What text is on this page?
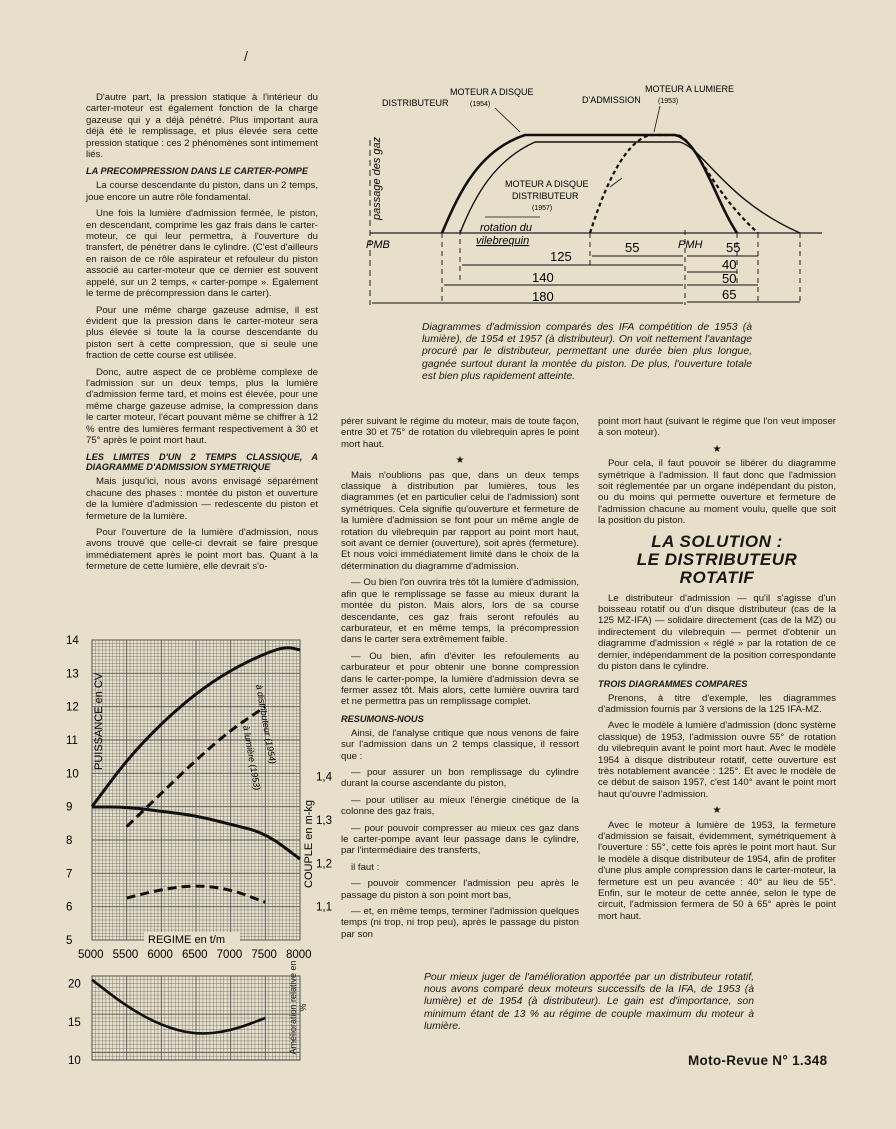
/

D'autre part, la pression statique à l'intérieur du carter-moteur est également fonction de la charge gazeuse qui y a déjà pénétré. Plus important aura déjà été le remplissage, et plus élevée sera cette pression statique : ces 2 phénomènes sont intimement liés.

LA PRECOMPRESSION DANS LE CARTER-POMPE

La course descendante du piston, dans un 2 temps, joue encore un autre rôle fondamental.

Une fois la lumière d'admission fermée, le piston, en descendant, comprime les gaz frais dans le carter-moteur, ce qui leur permettra, à l'ouverture du transfert, de pénétrer dans le cylindre. (C'est d'ailleurs en raison de ce rôle aspirateur et refouleur du piston associé au carter-moteur que ce dernier est souvent appelé, sur un 2 temps, « carter-pompe ». Egalement le terme de précompression dans le carter).

Pour une même charge gazeuse admise, il est évident que la pression dans le carter-moteur sera plus élevée si toute la la course descendante du piston sert à cette compression, que si seule une fraction de cette course est utilisée.

Donc, autre aspect de ce problème complexe de l'admission sur un deux temps, plus la lumière d'admission ferme tard, et moins est élevée, pour une même charge gazeuse admise, la compression dans le carter moteur, l'écart pouvant même se chiffrer à 12 % entre des lumières fermant respectivement à 30 et 75° après le point mort haut.

LES LIMITES D'UN 2 TEMPS CLASSIQUE, A DIAGRAMME D'ADMISSION SYMETRIQUE

Mais jusqu'ici, nous avons envisagé séparément chacune des phases : montée du piston et ouverture de la lumière d'admission — redescente du piston et fermeture de la lumière.

Pour l'ouverture de la lumière d'admission, nous avons trouvé que celle-ci devrait se faire presque immédiatement après le point mort bas. Quant à la fermeture de cette lumière, elle devrait s'o-

MOTEUR A DISQUE
DISTRIBUTEUR	(1954)
MOTEUR A LUMIERE
D'ADMISSION (1953)
MOTEUR A DISQUE
DISTRIBUTEUR
(1957)
passage des gaz
rotation du
vilebrequin
PMB	PMH
125
55	55
40
140	50
180	65
Diagrammes d'admission comparés des IFA compétition de 1953 (à lumière), de 1954 et 1957 (à distributeur). On voit nettement l'avantage procuré par le distributeur, permettant une durée bien plus longue, gagnée surtout durant la montée du piston. De plus, l'ouverture totale est bien plus rapidement atteinte.

pérer suivant le régime du moteur, mais de toute façon, entre 30 et 75° de rotation du vilebrequin après le point mort haut.

★

Mais n'oublions pas que, dans un deux temps classique à distribution par lumières, tous les diagrammes (et en particulier celui de l'admission) sont symétriques. Cela signifie qu'ouverture et fermeture de la lumière d'admission se font pour un même angle de rotation du vilebrequin par rapport au point mort haut, soit avant ce dernier (ouverture), soit après (fermeture). Et nous voici immédiatement limité dans le choix de la détermination du diagramme d'admission.

— Ou bien l'on ouvrira très tôt la lumière d'admission, afin que le remplissage se fasse au mieux durant la montée du piston. Mais alors, lors de sa course descendante, ces gaz frais seront refoulés au carburateur, et en même temps, la précompression dans le carter sera extrêmement faible.

— Ou bien, afin d'éviter les refoulements au carburateur et pour obtenir une bonne compression dans le carter-pompe, la lumière d'admission devra se fermer assez tôt. Mais alors, cette lumière ouvrira tard et ne permettra pas un remplissage complet.

RESUMONS-NOUS

Ainsi, de l'analyse critique que nous venons de faire sur l'admission dans un 2 temps classique, il ressort que :

— pour assurer un bon remplissage du cylindre durant la course ascendante du piston,

— pour utiliser au mieux l'énergie cinétique de la colonne des gaz frais,

— pour pouvoir compresser au mieux ces gaz dans le carter-pompe avant leur passage dans le cylindre, par l'intermédiaire des transferts,

il faut :

— pouvoir commencer l'admission peu après le passage du piston à son point mort bas,

— et, en même temps, terminer l'admission quelques temps (ni trop, ni trop peu), après le passage du piston par son

point mort haut (suivant le régime que l'on veut imposer à son moteur).

★

Pour cela, il faut pouvoir se libérer du diagramme symétrique à l'admission. Il faut donc que l'admission soit réglementée par un organe indépendant du piston, ou du moins qui permette ouverture et fermeture de l'admission chacune au moment voulu, quelle que soit la position du piston.

LA SOLUTION :
LE DISTRIBUTEUR
ROTATIF

Le distributeur d'admission — qu'il s'agisse d'un boisseau rotatif ou d'un disque distributeur (cas de la 125 MZ-IFA) — solidaire directement (cas de la MZ) ou indirectement du vilebrequin — permet d'obtenir un diagramme d'admission « réglé » par la rotation de ce dernier, indépendamment de la position correspondante du piston dans le cylindre.

TROIS DIAGRAMMES COMPARES

Prenons, à titre d'exemple, les diagrammes d'admission fournis par 3 versions de la 125 IFA-MZ.

Avec le modèle à lumière d'admission (donc système classique) de 1953, l'admission ouvre 55° de rotation du vilebrequin avant le point mort haut. Avec le modèle 1954 à disque distributeur rotatif, cette ouverture est très notablement avancée : 125°. Et avec le modèle de ce début de saison 1957, c'est 140° avant le point mort haut qu'ouvre l'admission.

★

Avec le moteur à lumière de 1953, la fermeture d'admission se faisait, évidemment, symétriquement à l'ouverture : 55°, cette fois après le point mort haut. Sur le modèle à disque distributeur de 1954, afin de profiter d'une plus ample compression dans le carter-moteur, la fermeture est un peu avancée : 40° au lieu de 55°. Enfin, sur le moteur de cette année, selon le type de circuit, l'admission fermera de 50 à 65° après le point mort haut.

5000 5500 6000 6500 7000 7500 8000
5
6
7
8
9
10
11
12
13
14
1,1
1,2
1,3
1,4
PUISSANCE en CV
COUPLE en m-kg
REGIME en t/m
à distributeur (1954)
à lumière (1953)
10
15
20	Amélioration relative en %
Pour mieux juger de l'amélioration apportée par un distributeur rotatif, nous avons comparé deux moteurs successifs de la IFA, de 1953 (à lumière) et de 1954 (à distributeur). Le gain est d'importance, son minimum étant de 13 % au régime de couple maximum du moteur à lumière.
Moto-Revue N° 1.348
